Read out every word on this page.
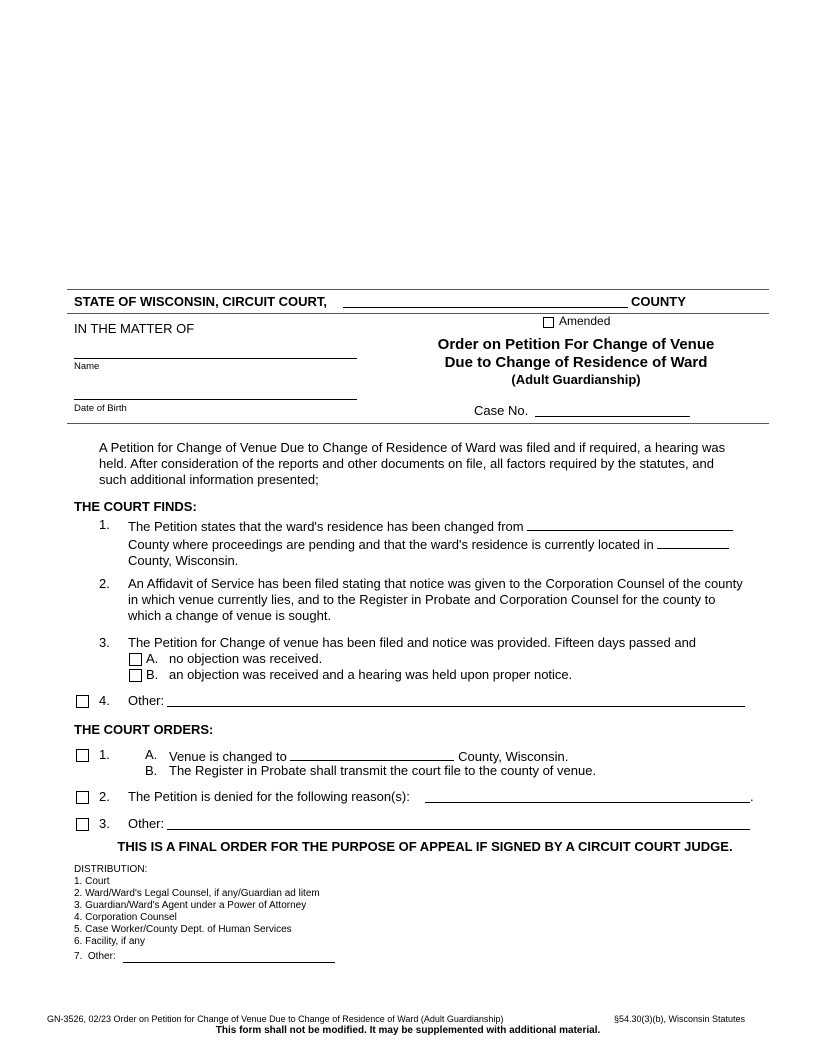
STATE OF WISCONSIN, CIRCUIT COURT,	COUNTY
IN THE MATTER OF
Name
Date of Birth
Amended
Order on Petition For Change of Venue
Due to Change of Residence of Ward
(Adult Guardianship)
Case No.
A Petition for Change of Venue Due to Change of Residence of Ward was filed and if required, a hearing was
held. After consideration of the reports and other documents on file, all factors required by the statutes, and
such additional information presented;
THE COURT FINDS:
1. The Petition states that the ward's residence has been changed from
County where proceedings are pending and that the ward's residence is currently located in
County, Wisconsin.
2. An Affidavit of Service has been filed stating that notice was given to the Corporation Counsel of the county
in which venue currently lies, and to the Register in Probate and Corporation Counsel for the county to
which a change of venue is sought.
3. The Petition for Change of venue has been filed and notice was provided. Fifteen days passed and
A. no objection was received.
B. an objection was received and a hearing was held upon proper notice.
4. Other:
THE COURT ORDERS:
1.	A. Venue is changed to	County, Wisconsin.
B. The Register in Probate shall transmit the court file to the county of venue.
2. The Petition is denied for the following reason(s):	.
3. Other:
THIS IS A FINAL ORDER FOR THE PURPOSE OF APPEAL IF SIGNED BY A CIRCUIT COURT JUDGE.
DISTRIBUTION:
1. Court
2. Ward/Ward's Legal Counsel, if any/Guardian ad litem
3. Guardian/Ward's Agent under a Power of Attorney
4. Corporation Counsel
5. Case Worker/County Dept. of Human Services
6. Facility, if any
7.  Other:
GN-3526, 02/23 Order on Petition for Change of Venue Due to Change of Residence of Ward (Adult Guardianship)	§54.30(3)(b), Wisconsin Statutes
This form shall not be modified. It may be supplemented with additional material.
